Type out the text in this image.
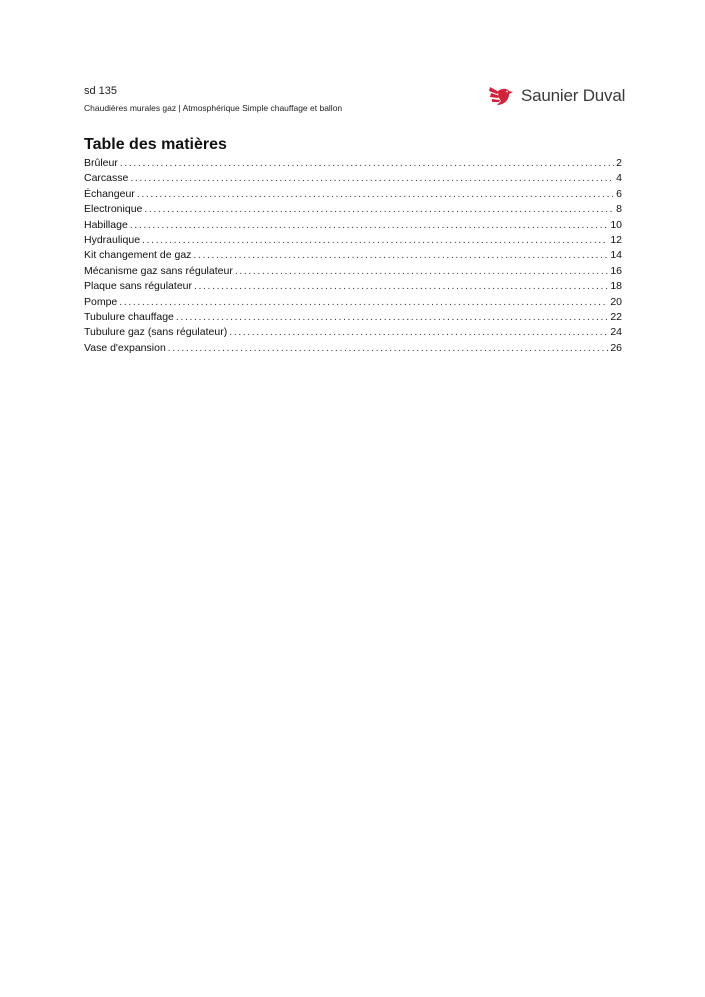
sd 135
Chaudières murales gaz | Atmosphérique Simple chauffage et ballon
Saunier Duval
Table des matières
Brûleur .....	2
Carcasse .....	4
Échangeur .....	6
Electronique .....	8
Habillage .....	10
Hydraulique .....	12
Kit changement de gaz .....	14
Mécanisme gaz sans régulateur .....	16
Plaque sans régulateur .....	18
Pompe .....	20
Tubulure chauffage .....	22
Tubulure gaz (sans régulateur) .....	24
Vase d'expansion .....	26
